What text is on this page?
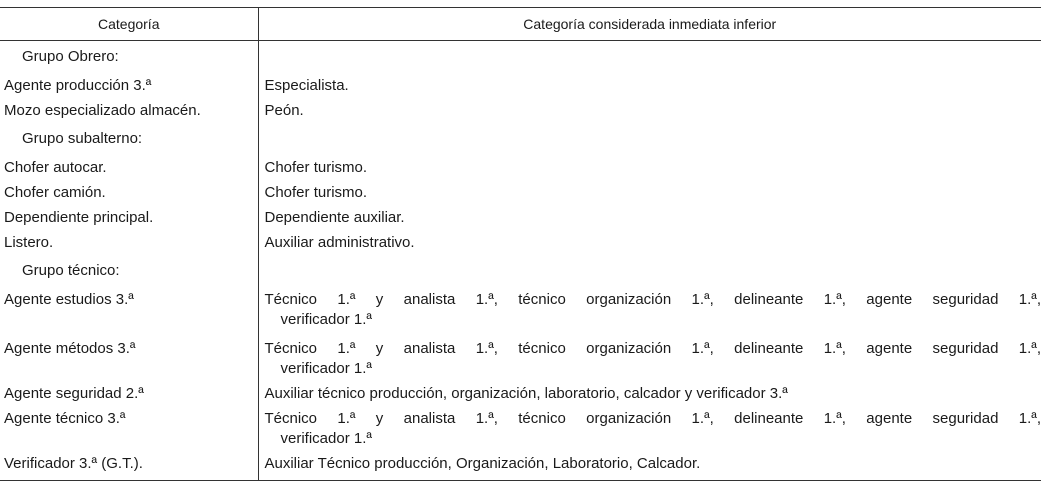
Categoría	Categoría considerada inmediata inferior
Grupo Obrero:	
Agente producción 3.ª	Especialista.
Mozo especializado almacén.	Peón.
Grupo subalterno:	
Chofer autocar.	Chofer turismo.
Chofer camión.	Chofer turismo.
Dependiente principal.	Dependiente auxiliar.
Listero.	Auxiliar administrativo.
Grupo técnico:	
Agente estudios 3.ª	Técnico 1.ª y analista 1.ª, técnico organización 1.ª, delineante 1.ª, agente seguridad 1.ª,
verificador 1.ª

Agente métodos 3.ª	Técnico 1.ª y analista 1.ª, técnico organización 1.ª, delineante 1.ª, agente seguridad 1.ª,
verificador 1.ª

Agente seguridad 2.ª	Auxiliar técnico producción, organización, laboratorio, calcador y verificador 3.ª
Agente técnico 3.ª	Técnico 1.ª y analista 1.ª, técnico organización 1.ª, delineante 1.ª, agente seguridad 1.ª,
verificador 1.ª

Verificador 3.ª (G.T.).	Auxiliar Técnico producción, Organización, Laboratorio, Calcador.
